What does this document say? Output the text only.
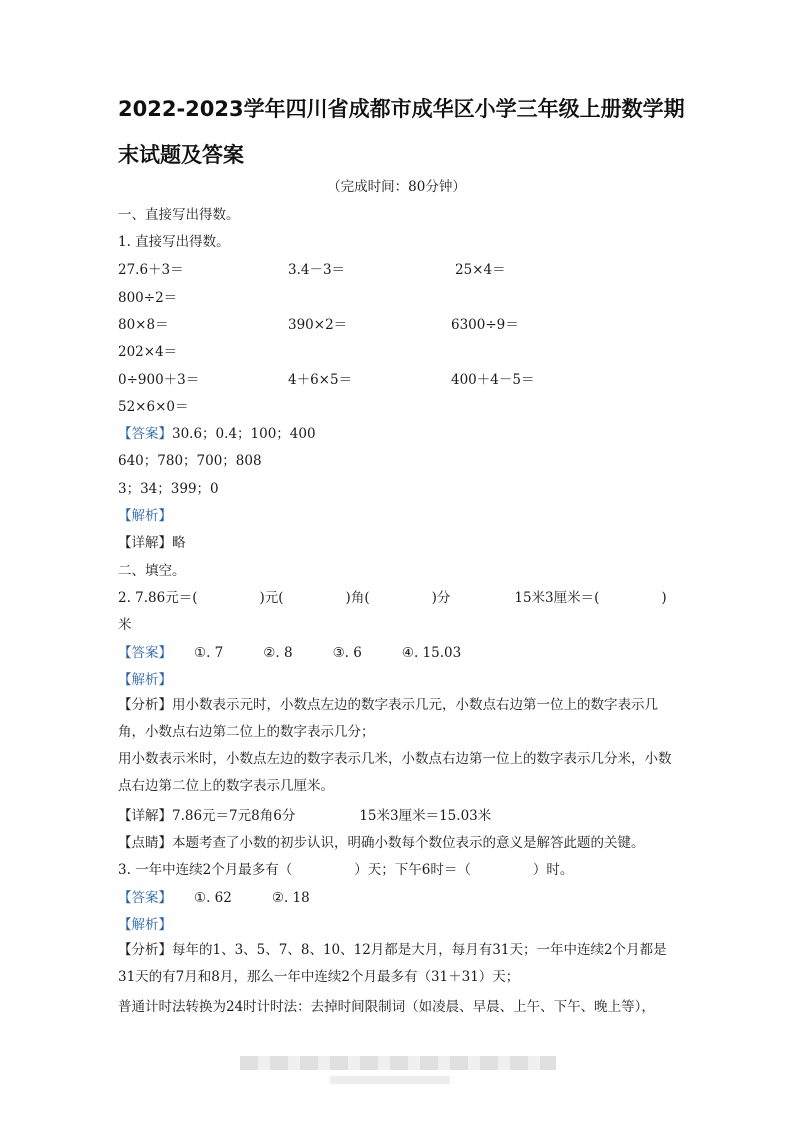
2022-2023学年四川省成都市成华区小学三年级上册数学期
末试题及答案
（完成时间：80分钟）
一、直接写出得数。
1. 直接写出得数。
27.6＋3＝	3.4－3＝	25×4＝
800÷2＝
80×8＝	390×2＝	6300÷9＝
202×4＝
0÷900＋3＝	4＋6×5＝	400＋4－5＝
52×6×0＝
【答案】30.6；0.4；100；400
640；780；700；808
3；34；399；0
【解析】
【详解】略
二、填空。
2. 7.86元＝(	)元(	)角(	)分	15米3厘米＝(	)
米
【答案】 ①. 7	②. 8	③. 6	④. 15.03
【解析】
【分析】用小数表示元时，小数点左边的数字表示几元，小数点右边第一位上的数字表示几角，小数点右边第二位上的数字表示几分；
用小数表示米时，小数点左边的数字表示几米，小数点右边第一位上的数字表示几分米，小数点右边第二位上的数字表示几厘米。
【详解】7.86元＝7元8角6分	15米3厘米＝15.03米
【点睛】本题考查了小数的初步认识，明确小数每个数位表示的意义是解答此题的关键。
3. 一年中连续2个月最多有（	）天；下午6时＝（	）时。
【答案】 ①. 62	②. 18
【解析】
【分析】每年的1、3、5、7、8、10、12月都是大月，每月有31天；一年中连续2个月都是31天的有7月和8月，那么一年中连续2个月最多有（31＋31）天；
普通计时法转换为24时计时法：去掉时间限制词（如凌晨、早晨、上午、下午、晚上等），
